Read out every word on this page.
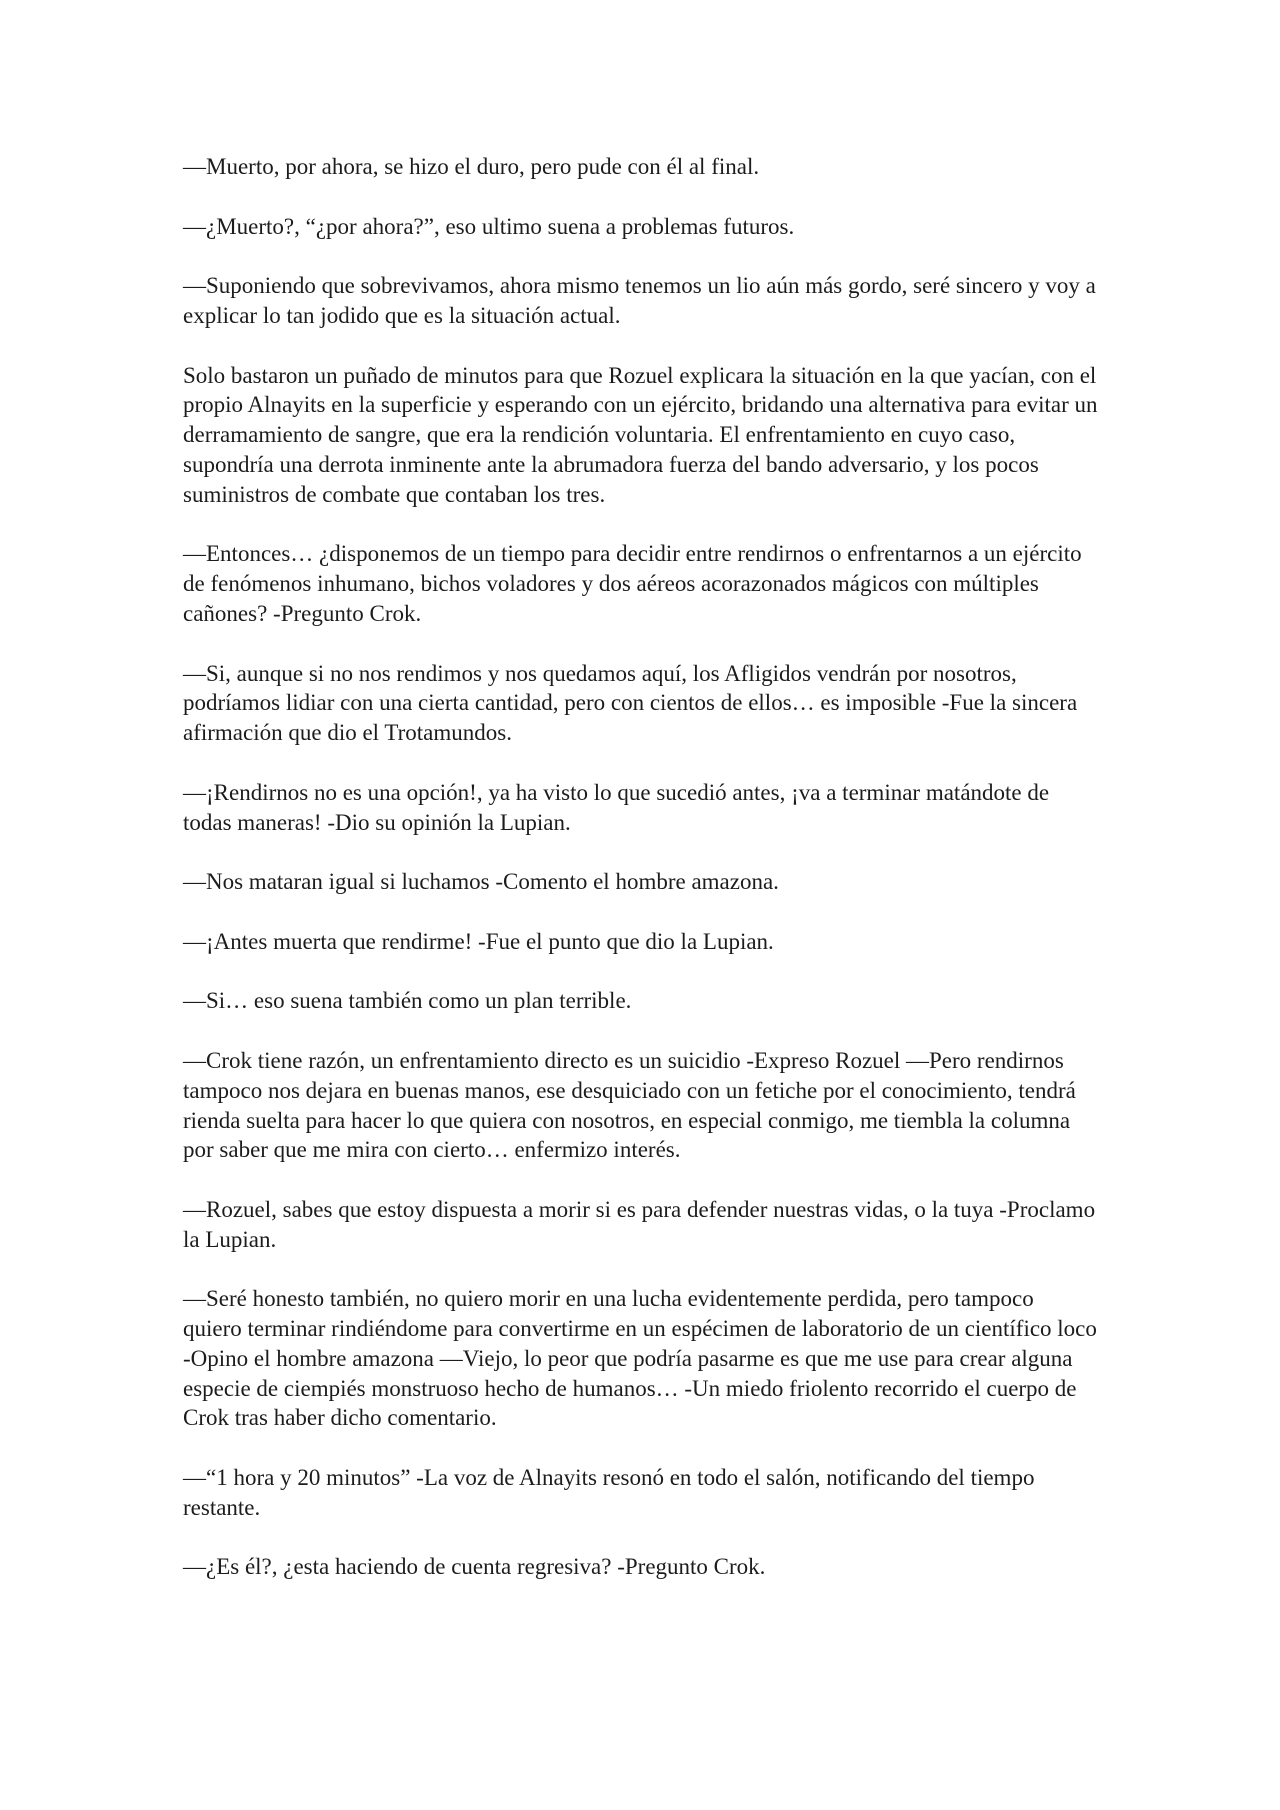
—Muerto, por ahora, se hizo el duro, pero pude con él al final.

—¿Muerto?, “¿por ahora?”, eso ultimo suena a problemas futuros.

—Suponiendo que sobrevivamos, ahora mismo tenemos un lio aún más gordo, seré sincero y voy a explicar lo tan jodido que es la situación actual.

Solo bastaron un puñado de minutos para que Rozuel explicara la situación en la que yacían, con el propio Alnayits en la superficie y esperando con un ejército, bridando una alternativa para evitar un derramamiento de sangre, que era la rendición voluntaria. El enfrentamiento en cuyo caso, supondría una derrota inminente ante la abrumadora fuerza del bando adversario, y los pocos suministros de combate que contaban los tres.

—Entonces… ¿disponemos de un tiempo para decidir entre rendirnos o enfrentarnos a un ejército de fenómenos inhumano, bichos voladores y dos aéreos acorazonados mágicos con múltiples cañones? -Pregunto Crok.

—Si, aunque si no nos rendimos y nos quedamos aquí, los Afligidos vendrán por nosotros, podríamos lidiar con una cierta cantidad, pero con cientos de ellos… es imposible -Fue la sincera afirmación que dio el Trotamundos.

—¡Rendirnos no es una opción!, ya ha visto lo que sucedió antes, ¡va a terminar matándote de todas maneras! -Dio su opinión la Lupian.

—Nos mataran igual si luchamos -Comento el hombre amazona.

—¡Antes muerta que rendirme! -Fue el punto que dio la Lupian.

—Si… eso suena también como un plan terrible.

—Crok tiene razón, un enfrentamiento directo es un suicidio -Expreso Rozuel —Pero rendirnos tampoco nos dejara en buenas manos, ese desquiciado con un fetiche por el conocimiento, tendrá rienda suelta para hacer lo que quiera con nosotros, en especial conmigo, me tiembla la columna por saber que me mira con cierto… enfermizo interés.

—Rozuel, sabes que estoy dispuesta a morir si es para defender nuestras vidas, o la tuya -Proclamo la Lupian.

—Seré honesto también, no quiero morir en una lucha evidentemente perdida, pero tampoco quiero terminar rindiéndome para convertirme en un espécimen de laboratorio de un científico loco -Opino el hombre amazona —Viejo, lo peor que podría pasarme es que me use para crear alguna especie de ciempiés monstruoso hecho de humanos… -Un miedo friolento recorrido el cuerpo de Crok tras haber dicho comentario.

—“1 hora y 20 minutos” -La voz de Alnayits resonó en todo el salón, notificando del tiempo restante.

—¿Es él?, ¿esta haciendo de cuenta regresiva? -Pregunto Crok.
